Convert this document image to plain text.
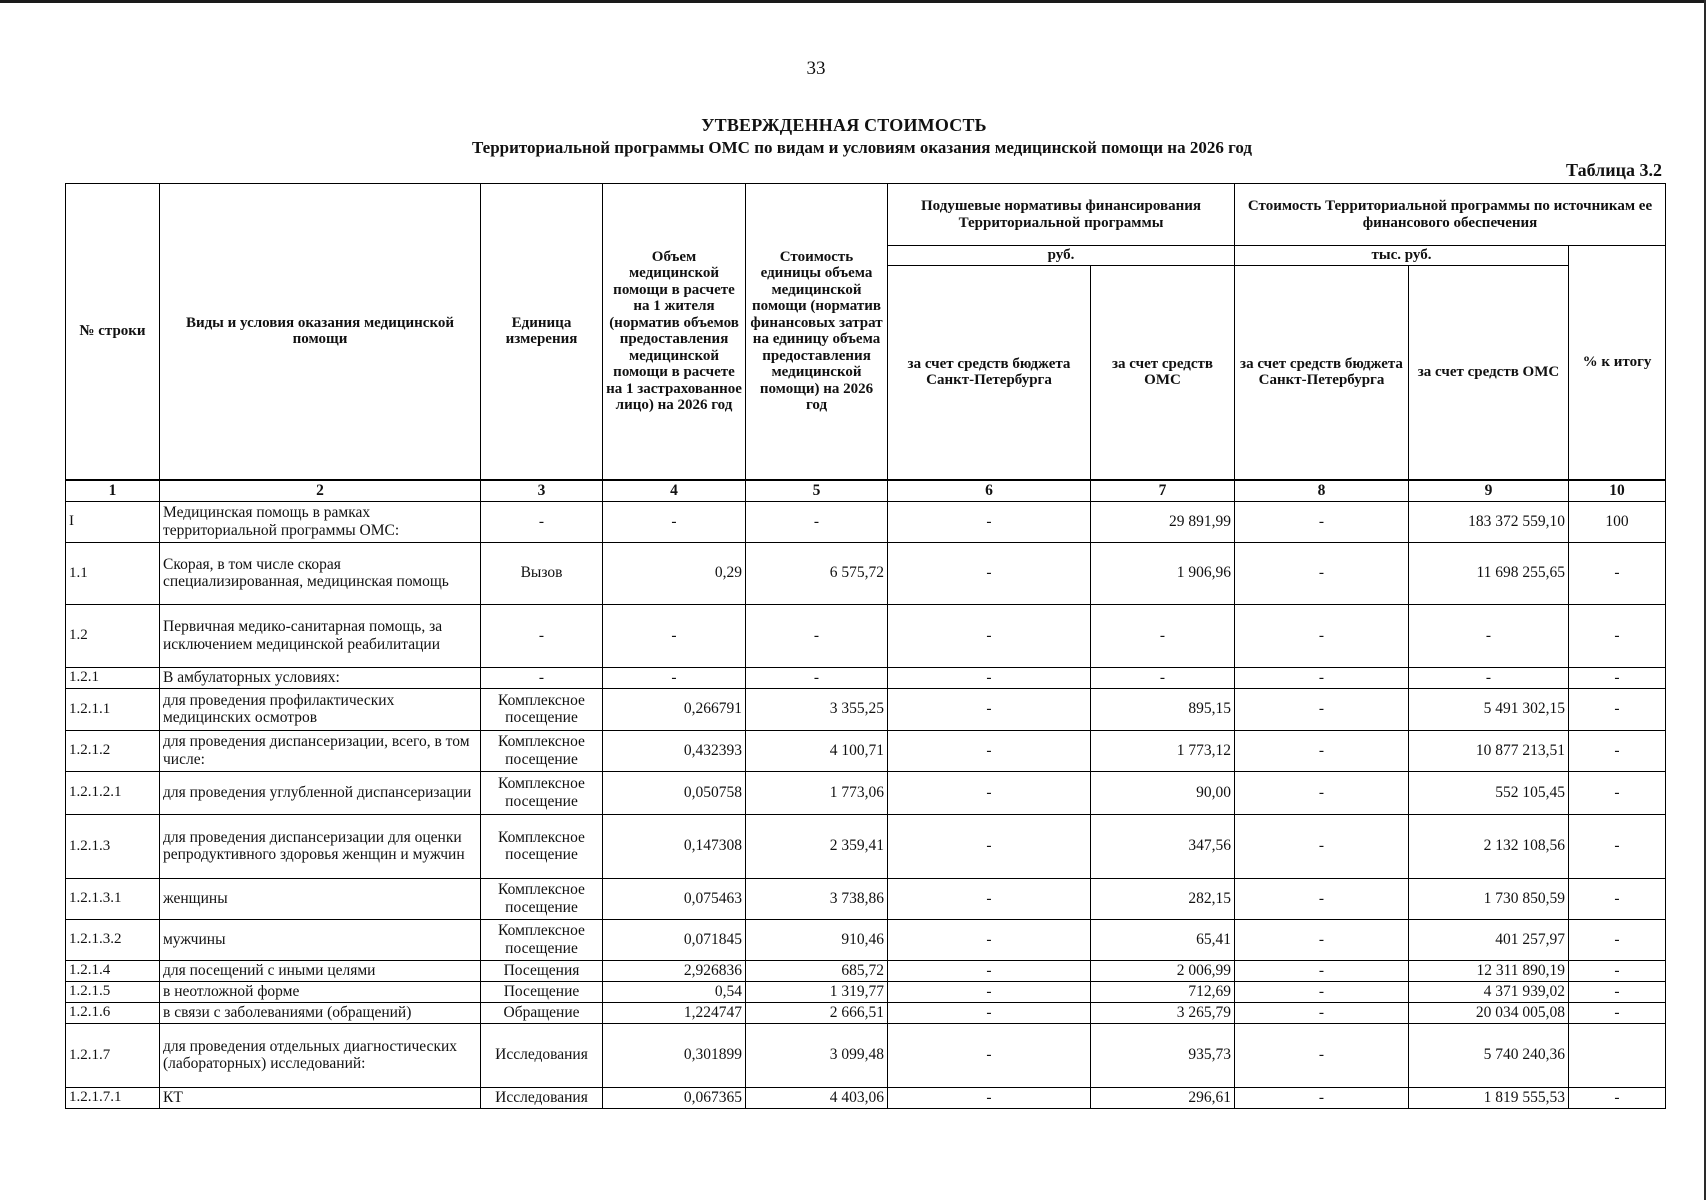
33
УТВЕРЖДЕННАЯ СТОИМОСТЬ
Территориальной программы ОМС по видам и условиям оказания медицинской помощи на 2026 год
Таблица 3.2
№ строки	Виды и условия оказания медицинской помощи	Единица измерения	Объем медицинской помощи в расчете на 1 жителя (норматив объемов предоставления медицинской помощи в расчете на 1 застрахованное лицо) на 2026 год	Стоимость единицы объема медицинской помощи (норматив финансовых затрат на единицу объема предоставления медицинской помощи) на 2026 год	Подушевые нормативы финансирования Территориальной программы		Стоимость Территориальной программы по источникам ее финансового обеспечения		
					руб.		тыс. руб.		% к итогу
					за счет средств бюджета Санкт-Петербурга	за счет средств ОМС	за счет средств бюджета Санкт-Петербурга	за счет средств ОМС	
1	2	3	4	5	6	7	8	9	10
I	Медицинская помощь в рамках территориальной программы ОМС:	-	-	-	-	29 891,99	-	183 372 559,10	100
1.1	Скорая, в том числе скорая специализированная, медицинская помощь	Вызов	0,29	6 575,72	-	1 906,96	-	11 698 255,65	-
1.2	Первичная медико-санитарная помощь, за исключением медицинской реабилитации	-	-	-	-	-	-	-	-
1.2.1	В амбулаторных условиях:	-	-	-	-	-	-	-	-
1.2.1.1	для проведения профилактических медицинских осмотров	Комплексное посещение	0,266791	3 355,25	-	895,15	-	5 491 302,15	-
1.2.1.2	для проведения диспансеризации, всего, в том числе:	Комплексное посещение	0,432393	4 100,71	-	1 773,12	-	10 877 213,51	-
1.2.1.2.1	для проведения углубленной диспансеризации	Комплексное посещение	0,050758	1 773,06	-	90,00	-	552 105,45	-
1.2.1.3	для проведения диспансеризации для оценки репродуктивного здоровья женщин и мужчин	Комплексное посещение	0,147308	2 359,41	-	347,56	-	2 132 108,56	-
1.2.1.3.1	женщины	Комплексное посещение	0,075463	3 738,86	-	282,15	-	1 730 850,59	-
1.2.1.3.2	мужчины	Комплексное посещение	0,071845	910,46	-	65,41	-	401 257,97	-
1.2.1.4	для посещений с иными целями	Посещения	2,926836	685,72	-	2 006,99	-	12 311 890,19	-
1.2.1.5	в неотложной форме	Посещение	0,54	1 319,77	-	712,69	-	4 371 939,02	-
1.2.1.6	в связи с заболеваниями (обращений)	Обращение	1,224747	2 666,51	-	3 265,79	-	20 034 005,08	-
1.2.1.7	для проведения отдельных диагностических (лабораторных) исследований:	Исследования	0,301899	3 099,48	-	935,73	-	5 740 240,36	
1.2.1.7.1	КТ	Исследования	0,067365	4 403,06	-	296,61	-	1 819 555,53	-
